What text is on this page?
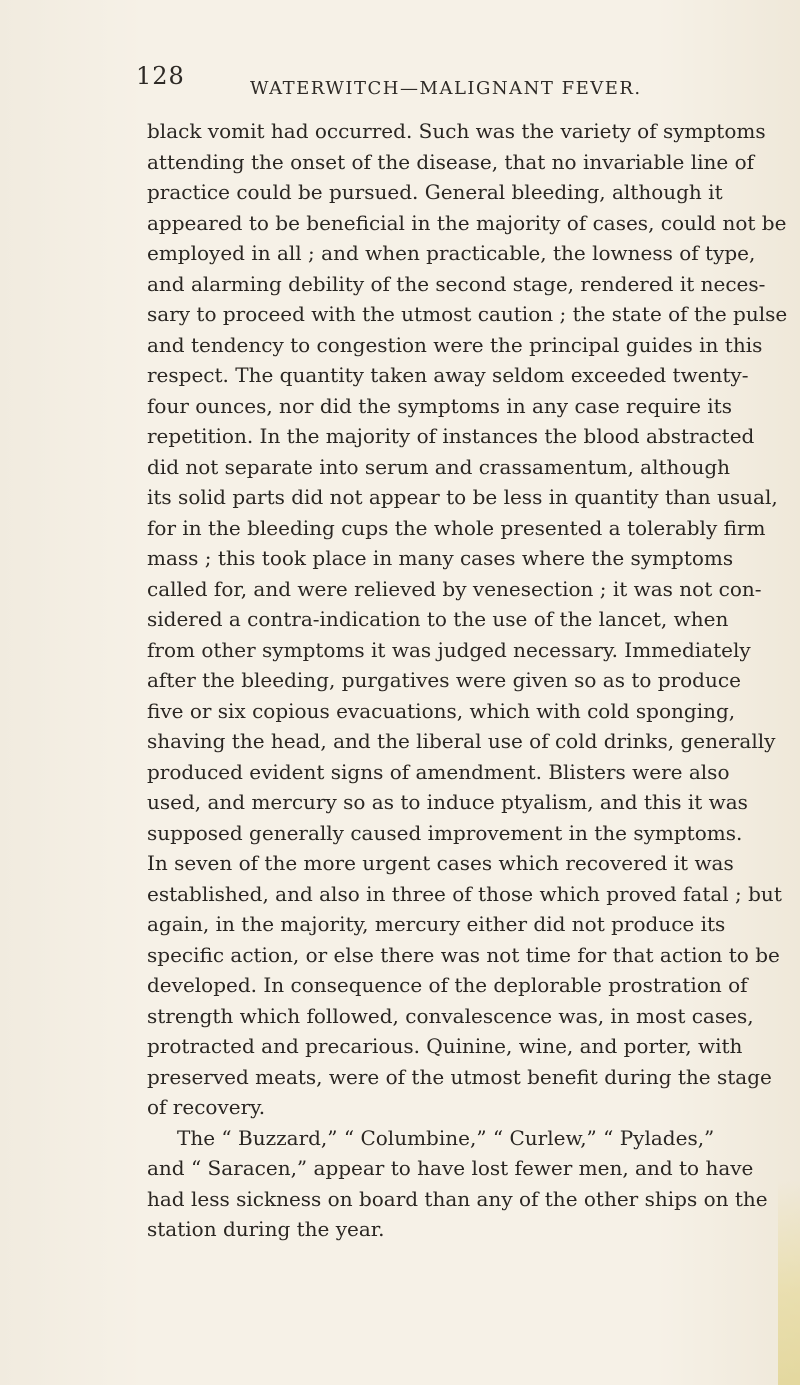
128	WATERWITCH—MALIGNANT FEVER.
black vomit had occurred. Such was the variety of symptoms
attending the onset of the disease, that no invariable line of
practice could be pursued. General bleeding, although it
appeared to be beneficial in the majority of cases, could not be
employed in all ; and when practicable, the lowness of type,
and alarming debility of the second stage, rendered it neces-
sary to proceed with the utmost caution ; the state of the pulse
and tendency to congestion were the principal guides in this
respect. The quantity taken away seldom exceeded twenty-
four ounces, nor did the symptoms in any case require its
repetition. In the majority of instances the blood abstracted
did not separate into serum and crassamentum, although
its solid parts did not appear to be less in quantity than usual,
for in the bleeding cups the whole presented a tolerably firm
mass ; this took place in many cases where the symptoms
called for, and were relieved by venesection ; it was not con-
sidered a contra-indication to the use of the lancet, when
from other symptoms it was judged necessary. Immediately
after the bleeding, purgatives were given so as to produce
five or six copious evacuations, which with cold sponging,
shaving the head, and the liberal use of cold drinks, generally
produced evident signs of amendment. Blisters were also
used, and mercury so as to induce ptyalism, and this it was
supposed generally caused improvement in the symptoms.
In seven of the more urgent cases which recovered it was
established, and also in three of those which proved fatal ; but
again, in the majority, mercury either did not produce its
specific action, or else there was not time for that action to be
developed. In consequence of the deplorable prostration of
strength which followed, convalescence was, in most cases,
protracted and precarious. Quinine, wine, and porter, with
preserved meats, were of the utmost benefit during the stage
of recovery.
The “ Buzzard,” “ Columbine,” “ Curlew,” “ Pylades,”
and “ Saracen,” appear to have lost fewer men, and to have
had less sickness on board than any of the other ships on the
station during the year.
